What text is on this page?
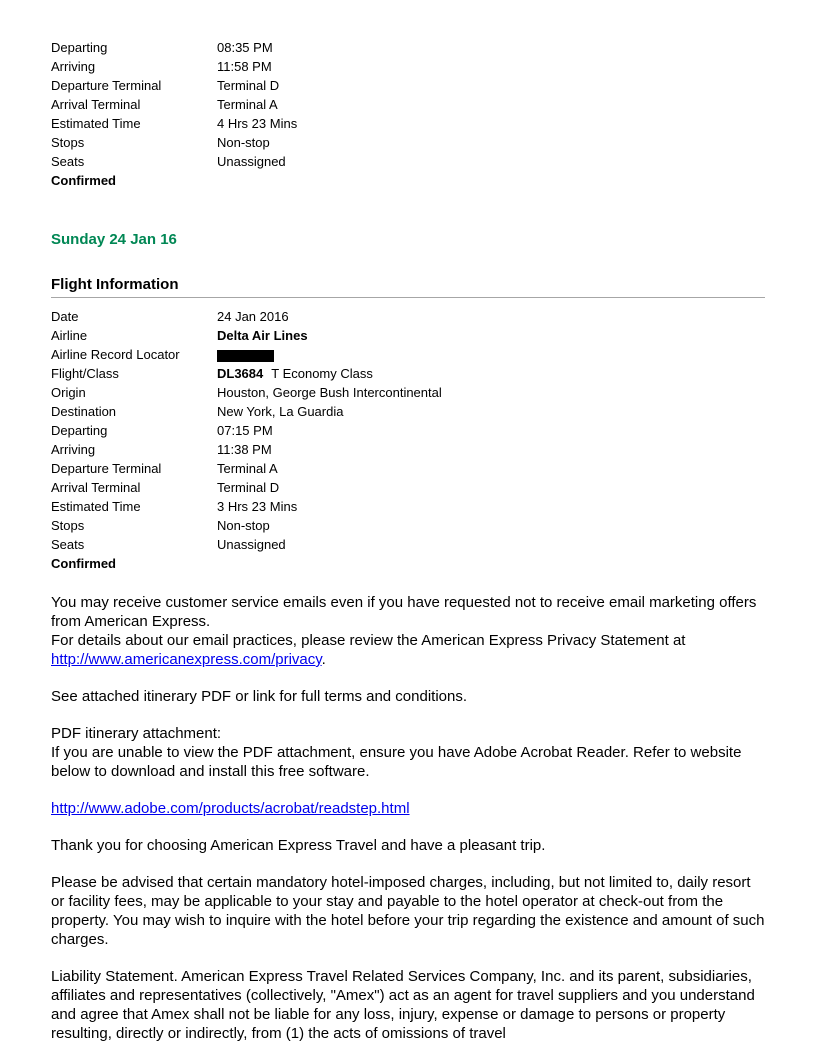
Departing	08:35 PM
Arriving	11:58 PM
Departure Terminal	Terminal D
Arrival Terminal	Terminal A
Estimated Time	4 Hrs 23 Mins
Stops	Non-stop
Seats	Unassigned
Confirmed
Sunday 24 Jan 16
Flight Information
Date	24 Jan 2016
Airline	Delta Air Lines
Airline Record Locator
Flight/Class	DL3684 T Economy Class
Origin	Houston, George Bush Intercontinental
Destination	New York, La Guardia
Departing	07:15 PM
Arriving	11:38 PM
Departure Terminal	Terminal A
Arrival Terminal	Terminal D
Estimated Time	3 Hrs 23 Mins
Stops	Non-stop
Seats	Unassigned
Confirmed
You may receive customer service emails even if you have requested not to receive email marketing offers from American Express.
For details about our email practices, please review the American Express Privacy Statement at http://www.americanexpress.com/privacy.

See attached itinerary PDF or link for full terms and conditions.

PDF itinerary attachment:
If you are unable to view the PDF attachment, ensure you have Adobe Acrobat Reader. Refer to website below to download and install this free software.

http://www.adobe.com/products/acrobat/readstep.html

Thank you for choosing American Express Travel and have a pleasant trip.

Please be advised that certain mandatory hotel-imposed charges, including, but not limited to, daily resort or facility fees, may be applicable to your stay and payable to the hotel operator at check-out from the property. You may wish to inquire with the hotel before your trip regarding the existence and amount of such charges.

Liability Statement. American Express Travel Related Services Company, Inc. and its parent, subsidiaries, affiliates and representatives (collectively, "Amex") act as an agent for travel suppliers and you understand and agree that Amex shall not be liable for any loss, injury, expense or damage to persons or property resulting, directly or indirectly, from (1) the acts of omissions of travel
